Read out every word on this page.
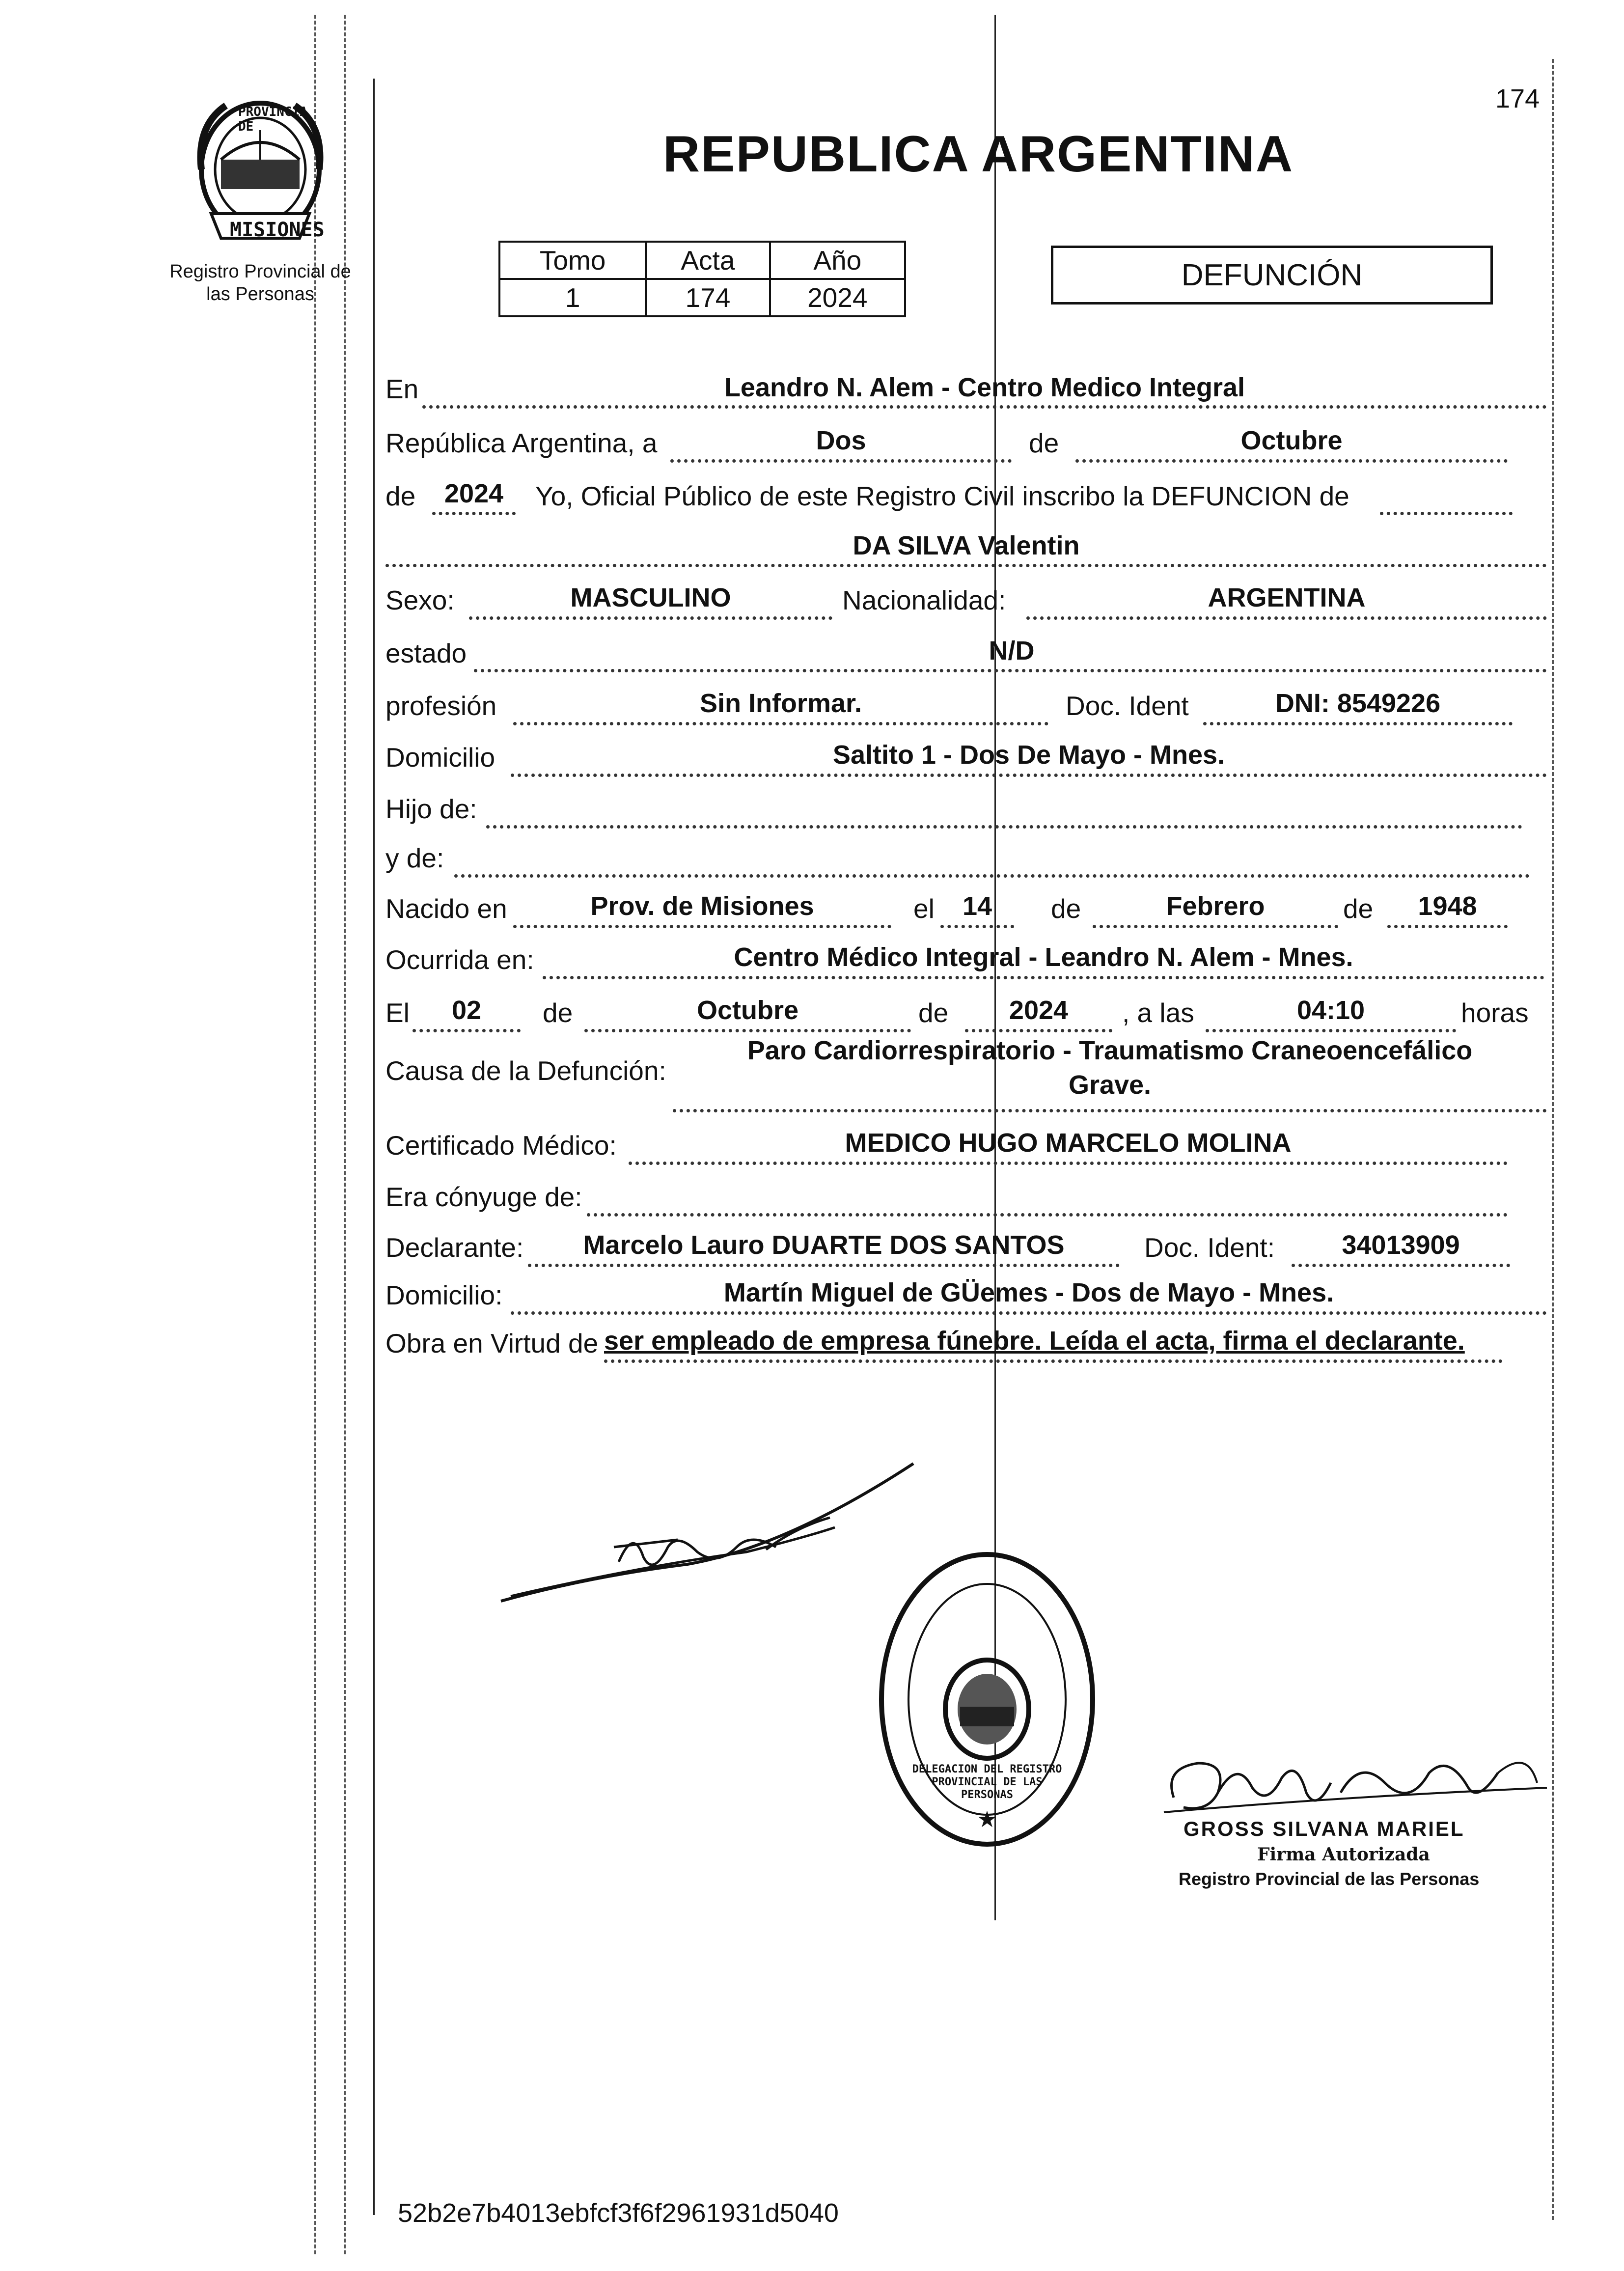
174
PROVINCIA DE
MISIONES
Registro Provincial de las Personas
REPUBLICA ARGENTINA
Tomo	Acta	Año
1	174	2024
DEFUNCIÓN
En	Leandro N. Alem - Centro Medico Integral
República Argentina, a	Dos	de	Octubre
de	2024	Yo, Oficial Público de este Registro Civil inscribo la DEFUNCION de
DA SILVA Valentin
Sexo:	MASCULINO	Nacionalidad:	ARGENTINA
estado	N/D
profesión	Sin Informar.	Doc. Ident	DNI: 8549226
Domicilio	Saltito 1 - Dos De Mayo - Mnes.
Hijo de:
y de:
Nacido en	Prov. de Misiones	el	14	de	Febrero	de	1948
Ocurrida en:	Centro Médico Integral - Leandro N. Alem - Mnes.
El	02	de	Octubre	de	2024	, a las	04:10	horas
Causa de la Defunción:
Paro Cardiorrespiratorio - Traumatismo Craneoencefálico
Grave.
Certificado Médico:	MEDICO HUGO MARCELO MOLINA
Era cónyuge de:
Declarante:	Marcelo Lauro DUARTE DOS SANTOS	Doc. Ident:	34013909
Domicilio:	Martín Miguel de GÜemes - Dos de Mayo - Mnes.
Obra en Virtud de ser empleado de empresa fúnebre. Leída el acta, firma el declarante.
★
DELEGACION DEL REGISTRO PROVINCIAL DE LAS PERSONAS
GROSS SILVANA MARIEL
Firma Autorizada
Registro Provincial de las Personas
52b2e7b4013ebfcf3f6f2961931d5040
